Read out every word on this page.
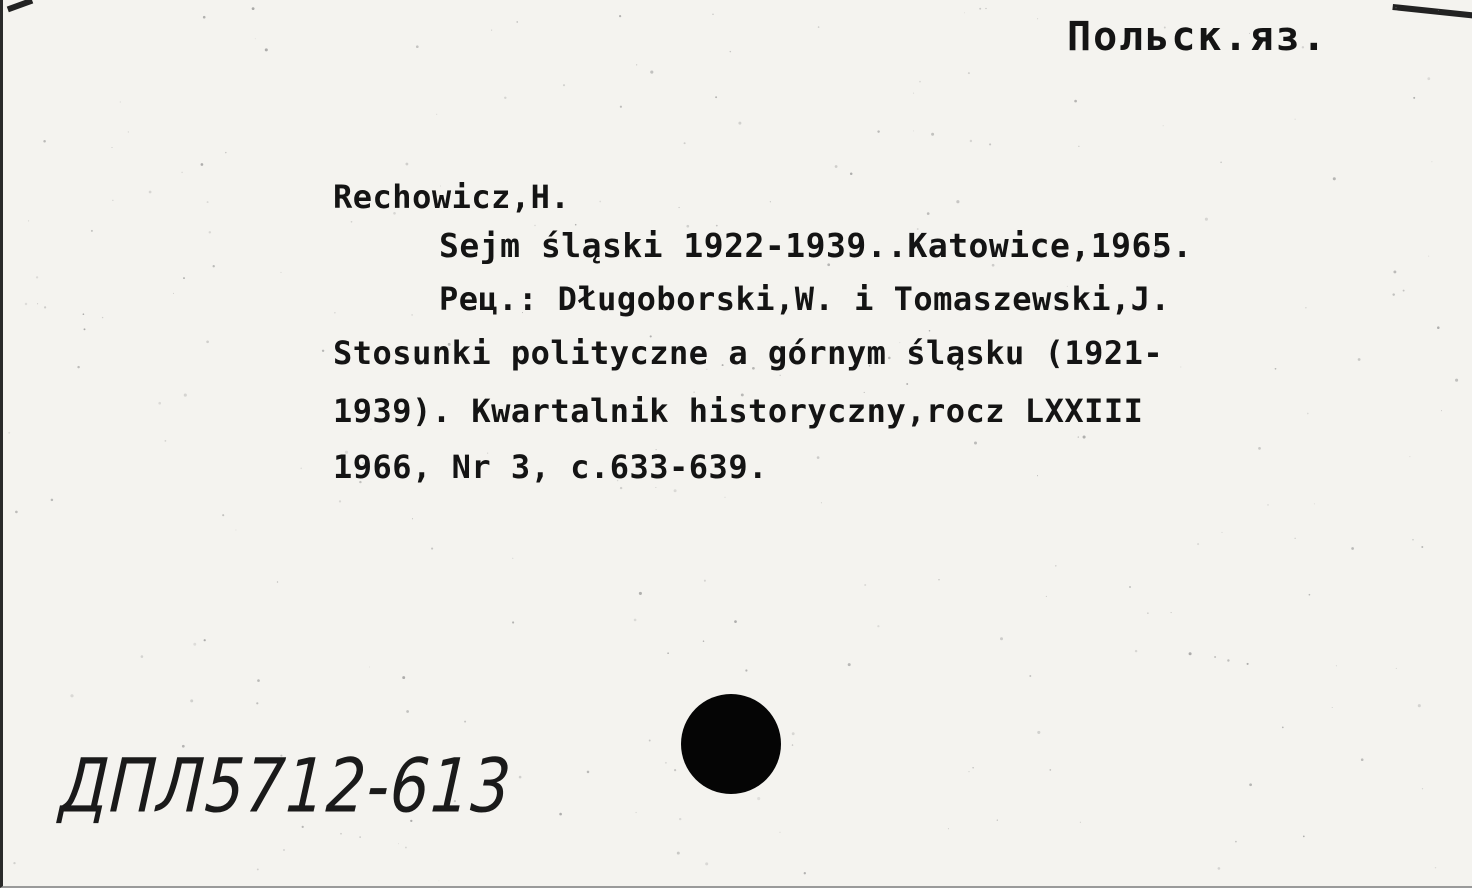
Польск.яз.
Rechowicz,H.
Sejm śląski 1922-1939..Katowice,1965.
Рец.: Długoborski,W. i Tomaszewski,J.
Stosunki polityczne a górnym śląsku (1921-
1939). Kwartalnik historyczny,rocz LXXIII
1966, Nr 3, c.633-639.
ДПЛ5712-613
